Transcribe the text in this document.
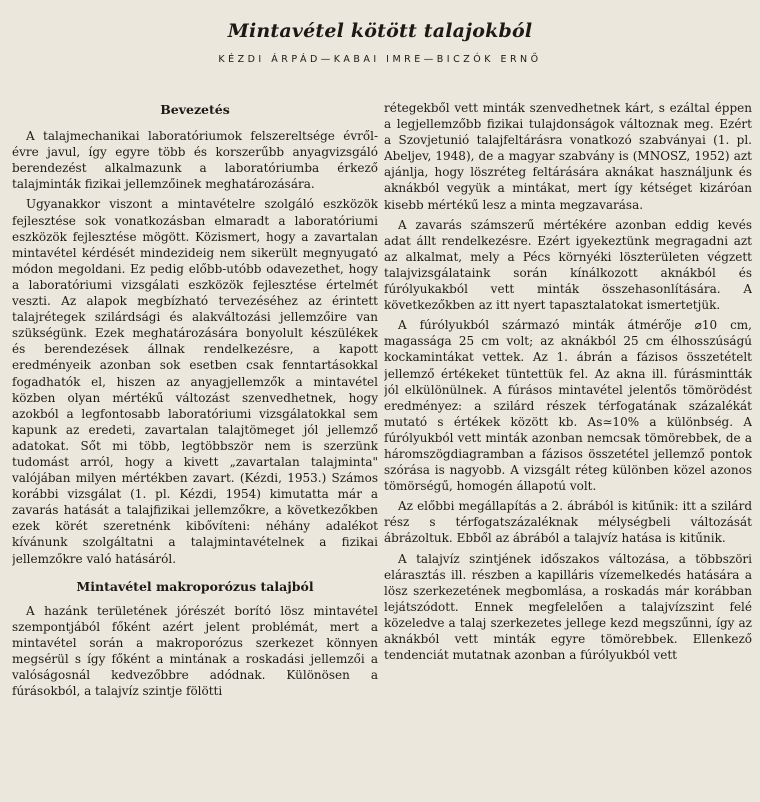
Mintavétel kötött talajokból
KÉZDI ÁRPÁD—KABAI IMRE—BICZÓK ERNŐ
Bevezetés

A talajmechanikai laboratóriumok felszereltsége évről-évre javul, így egyre több és korszerűbb anyagvizsgáló berendezést alkalmazunk a laboratóriumba érkező talajminták fizikai jellemzőinek meghatározására.

Ugyanakkor viszont a mintavételre szolgáló eszközök fejlesztése sok vonatkozásban elmaradt a laboratóriumi eszközök fejlesztése mögött. Közismert, hogy a zavartalan mintavétel kérdését mindezideig nem sikerült megnyugató módon megoldani. Ez pedig előbb-utóbb odavezethet, hogy a laboratóriumi vizsgálati eszközök fejlesztése értelmét veszti. Az alapok megbízható tervezéséhez az érintett talajrétegek szilárdsági és alakváltozási jellemzőire van szükségünk. Ezek meghatározására bonyolult készülékek és berendezések állnak rendelkezésre, a kapott eredményeik azonban sok esetben csak fenntartásokkal fogadhatók el, hiszen az anyagjellemzők a mintavétel közben olyan mértékű változást szenvedhetnek, hogy azokból a legfontosabb laboratóriumi vizsgálatokkal sem kapunk az eredeti, zavartalan talajtömeget jól jellemző adatokat. Sőt mi több, legtöbbször nem is szerzünk tudomást arról, hogy a kivett „zavartalan talajminta" valójában milyen mértékben zavart. (Kézdi, 1953.) Számos korábbi vizsgálat (1. pl. Kézdi, 1954) kimutatta már a zavarás hatását a talajfizikai jellemzőkre, a következőkben ezek körét szeretnénk kibővíteni: néhány adalékot kívánunk szolgáltatni a talajmintavételnek a fizikai jellemzőkre való hatásáról.

Mintavétel makroporózus talajból

A hazánk területének jórészét borító lösz mintavétel szempontjából főként azért jelent problémát, mert a mintavétel során a makroporózus szerkezet könnyen megsérül s így főként a mintának a roskadási jellemzői a valóságosnál kedvezőbbre adódnak. Különösen a fúrásokból, a talajvíz szintje fölötti

rétegekből vett minták szenvedhetnek kárt, s ezáltal éppen a legjellemzőbb fizikai tulajdonságok változnak meg. Ezért a Szovjetunió talajfeltárásra vonatkozó szabványai (1. pl. Abeljev, 1948), de a magyar szabvány is (MNOSZ, 1952) azt ajánlja, hogy löszréteg feltárására aknákat használjunk és aknákból vegyük a mintákat, mert így kétséget kizáróan kisebb mértékű lesz a minta megzavarása.

A zavarás számszerű mértékére azonban eddig kevés adat állt rendelkezésre. Ezért igyekeztünk megragadni azt az alkalmat, mely a Pécs környéki löszterületen végzett talajvizsgálataink során kínálkozott aknákból és fúrólyukakból vett minták összehasonlítására. A következőkben az itt nyert tapasztalatokat ismertetjük.

A fúrólyukból származó minták átmérője ⌀10 cm, magassága 25 cm volt; az aknákból 25 cm élhosszúságú kockamintákat vettek. Az 1. ábrán a fázisos összetételt jellemző értékeket tüntettük fel. Az akna ill. fúrásmintták jól elkülönülnek. A fúrásos mintavétel jelentős tömörödést eredményez: a szilárd részek térfogatának százalékát mutató s értékek között kb. As≃10% a különbség. A fúrólyukból vett minták azonban nemcsak tömörebbek, de a háromszögdiagramban a fázisos összetétel jellemző pontok szórása is nagyobb. A vizsgált réteg különben közel azonos tömörségű, homogén állapotú volt.

Az előbbi megállapítás a 2. ábrából is kitűnik: itt a szilárd rész s térfogatszázaléknak mélységbeli változását ábrázoltuk. Ebből az ábrából a talajvíz hatása is kitűnik.

A talajvíz szintjének időszakos változása, a többszöri elárasztás ill. részben a kapilláris vízemelkedés hatására a lösz szerkezetének megbomlása, a roskadás már korábban lejátszódott. Ennek megfelelően a talajvízszint felé közeledve a talaj szerkezetes jellege kezd megszűnni, így az aknákból vett minták egyre tömörebbek. Ellenkező tendenciát mutatnak azonban a fúrólyukból vett
